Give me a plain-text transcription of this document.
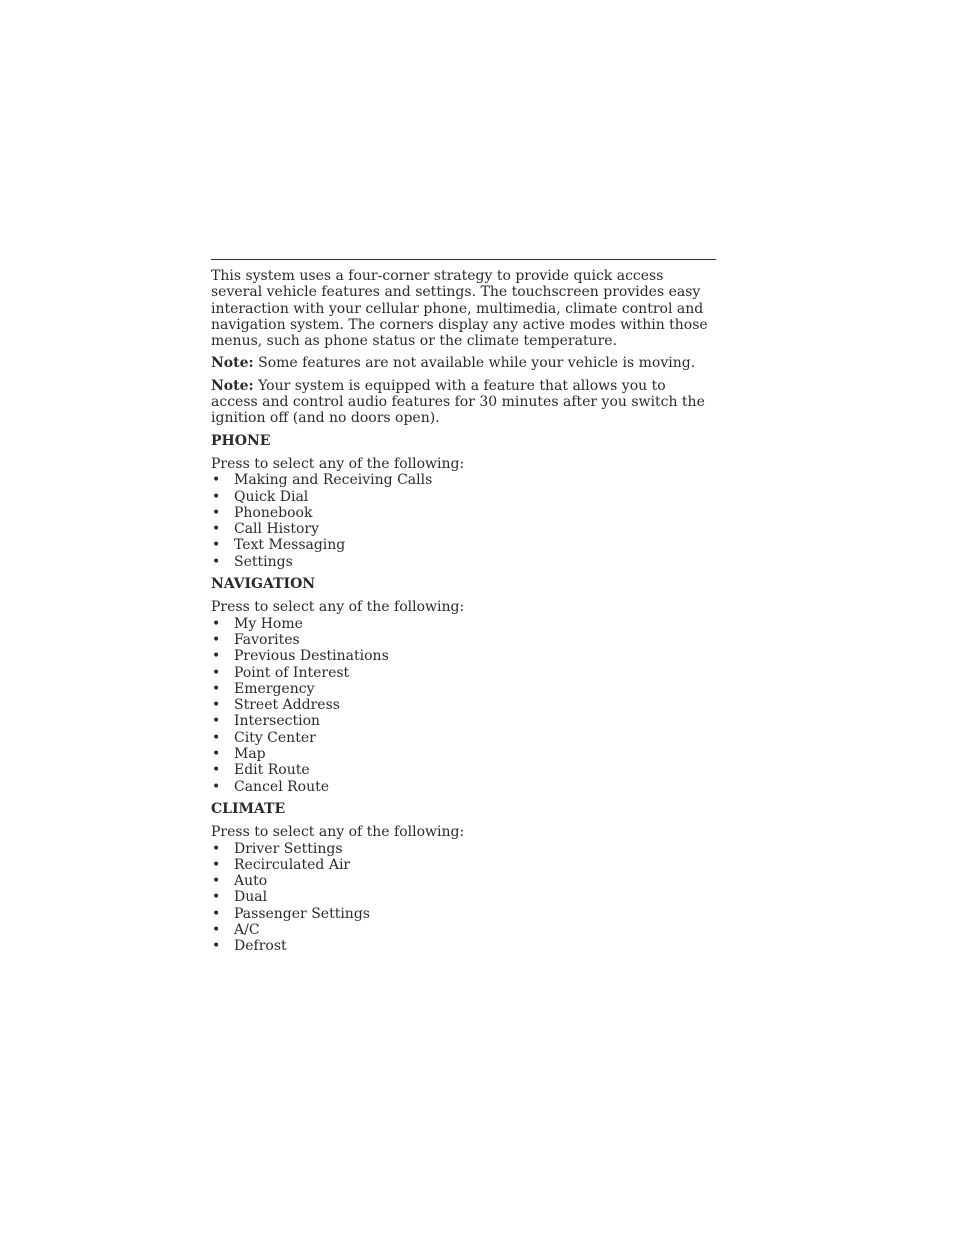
This system uses a four-corner strategy to provide quick access several vehicle features and settings. The touchscreen provides easy interaction with your cellular phone, multimedia, climate control and navigation system. The corners display any active modes within those menus, such as phone status or the climate temperature.

Note: Some features are not available while your vehicle is moving.

Note: Your system is equipped with a feature that allows you to access and control audio features for 30 minutes after you switch the ignition off (and no doors open).

PHONE

Press to select any of the following:

• Making and Receiving Calls
• Quick Dial
• Phonebook
• Call History
• Text Messaging
• Settings
NAVIGATION

Press to select any of the following:

• My Home
• Favorites
• Previous Destinations
• Point of Interest
• Emergency
• Street Address
• Intersection
• City Center
• Map
• Edit Route
• Cancel Route
CLIMATE

Press to select any of the following:

• Driver Settings
• Recirculated Air
• Auto
• Dual
• Passenger Settings
• A/C
• Defrost
